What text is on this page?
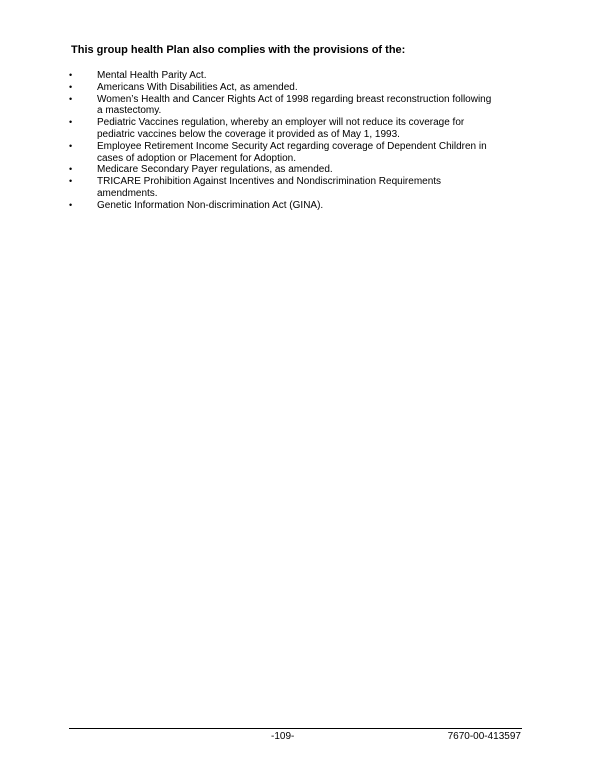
This group health Plan also complies with the provisions of the:
• Mental Health Parity Act.
• Americans With Disabilities Act, as amended.
• Women’s Health and Cancer Rights Act of 1998 regarding breast reconstruction following a mastectomy.
• Pediatric Vaccines regulation, whereby an employer will not reduce its coverage for pediatric vaccines below the coverage it provided as of May 1, 1993.
• Employee Retirement Income Security Act regarding coverage of Dependent Children in cases of adoption or Placement for Adoption.
• Medicare Secondary Payer regulations, as amended.
• TRICARE Prohibition Against Incentives and Nondiscrimination Requirements amendments.
• Genetic Information Non-discrimination Act (GINA).
-109-	7670-00-413597
